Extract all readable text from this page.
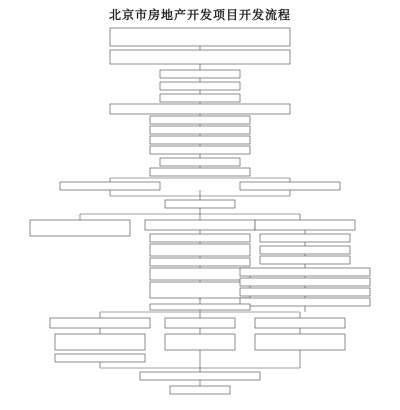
北京市房地产开发项目开发流程
